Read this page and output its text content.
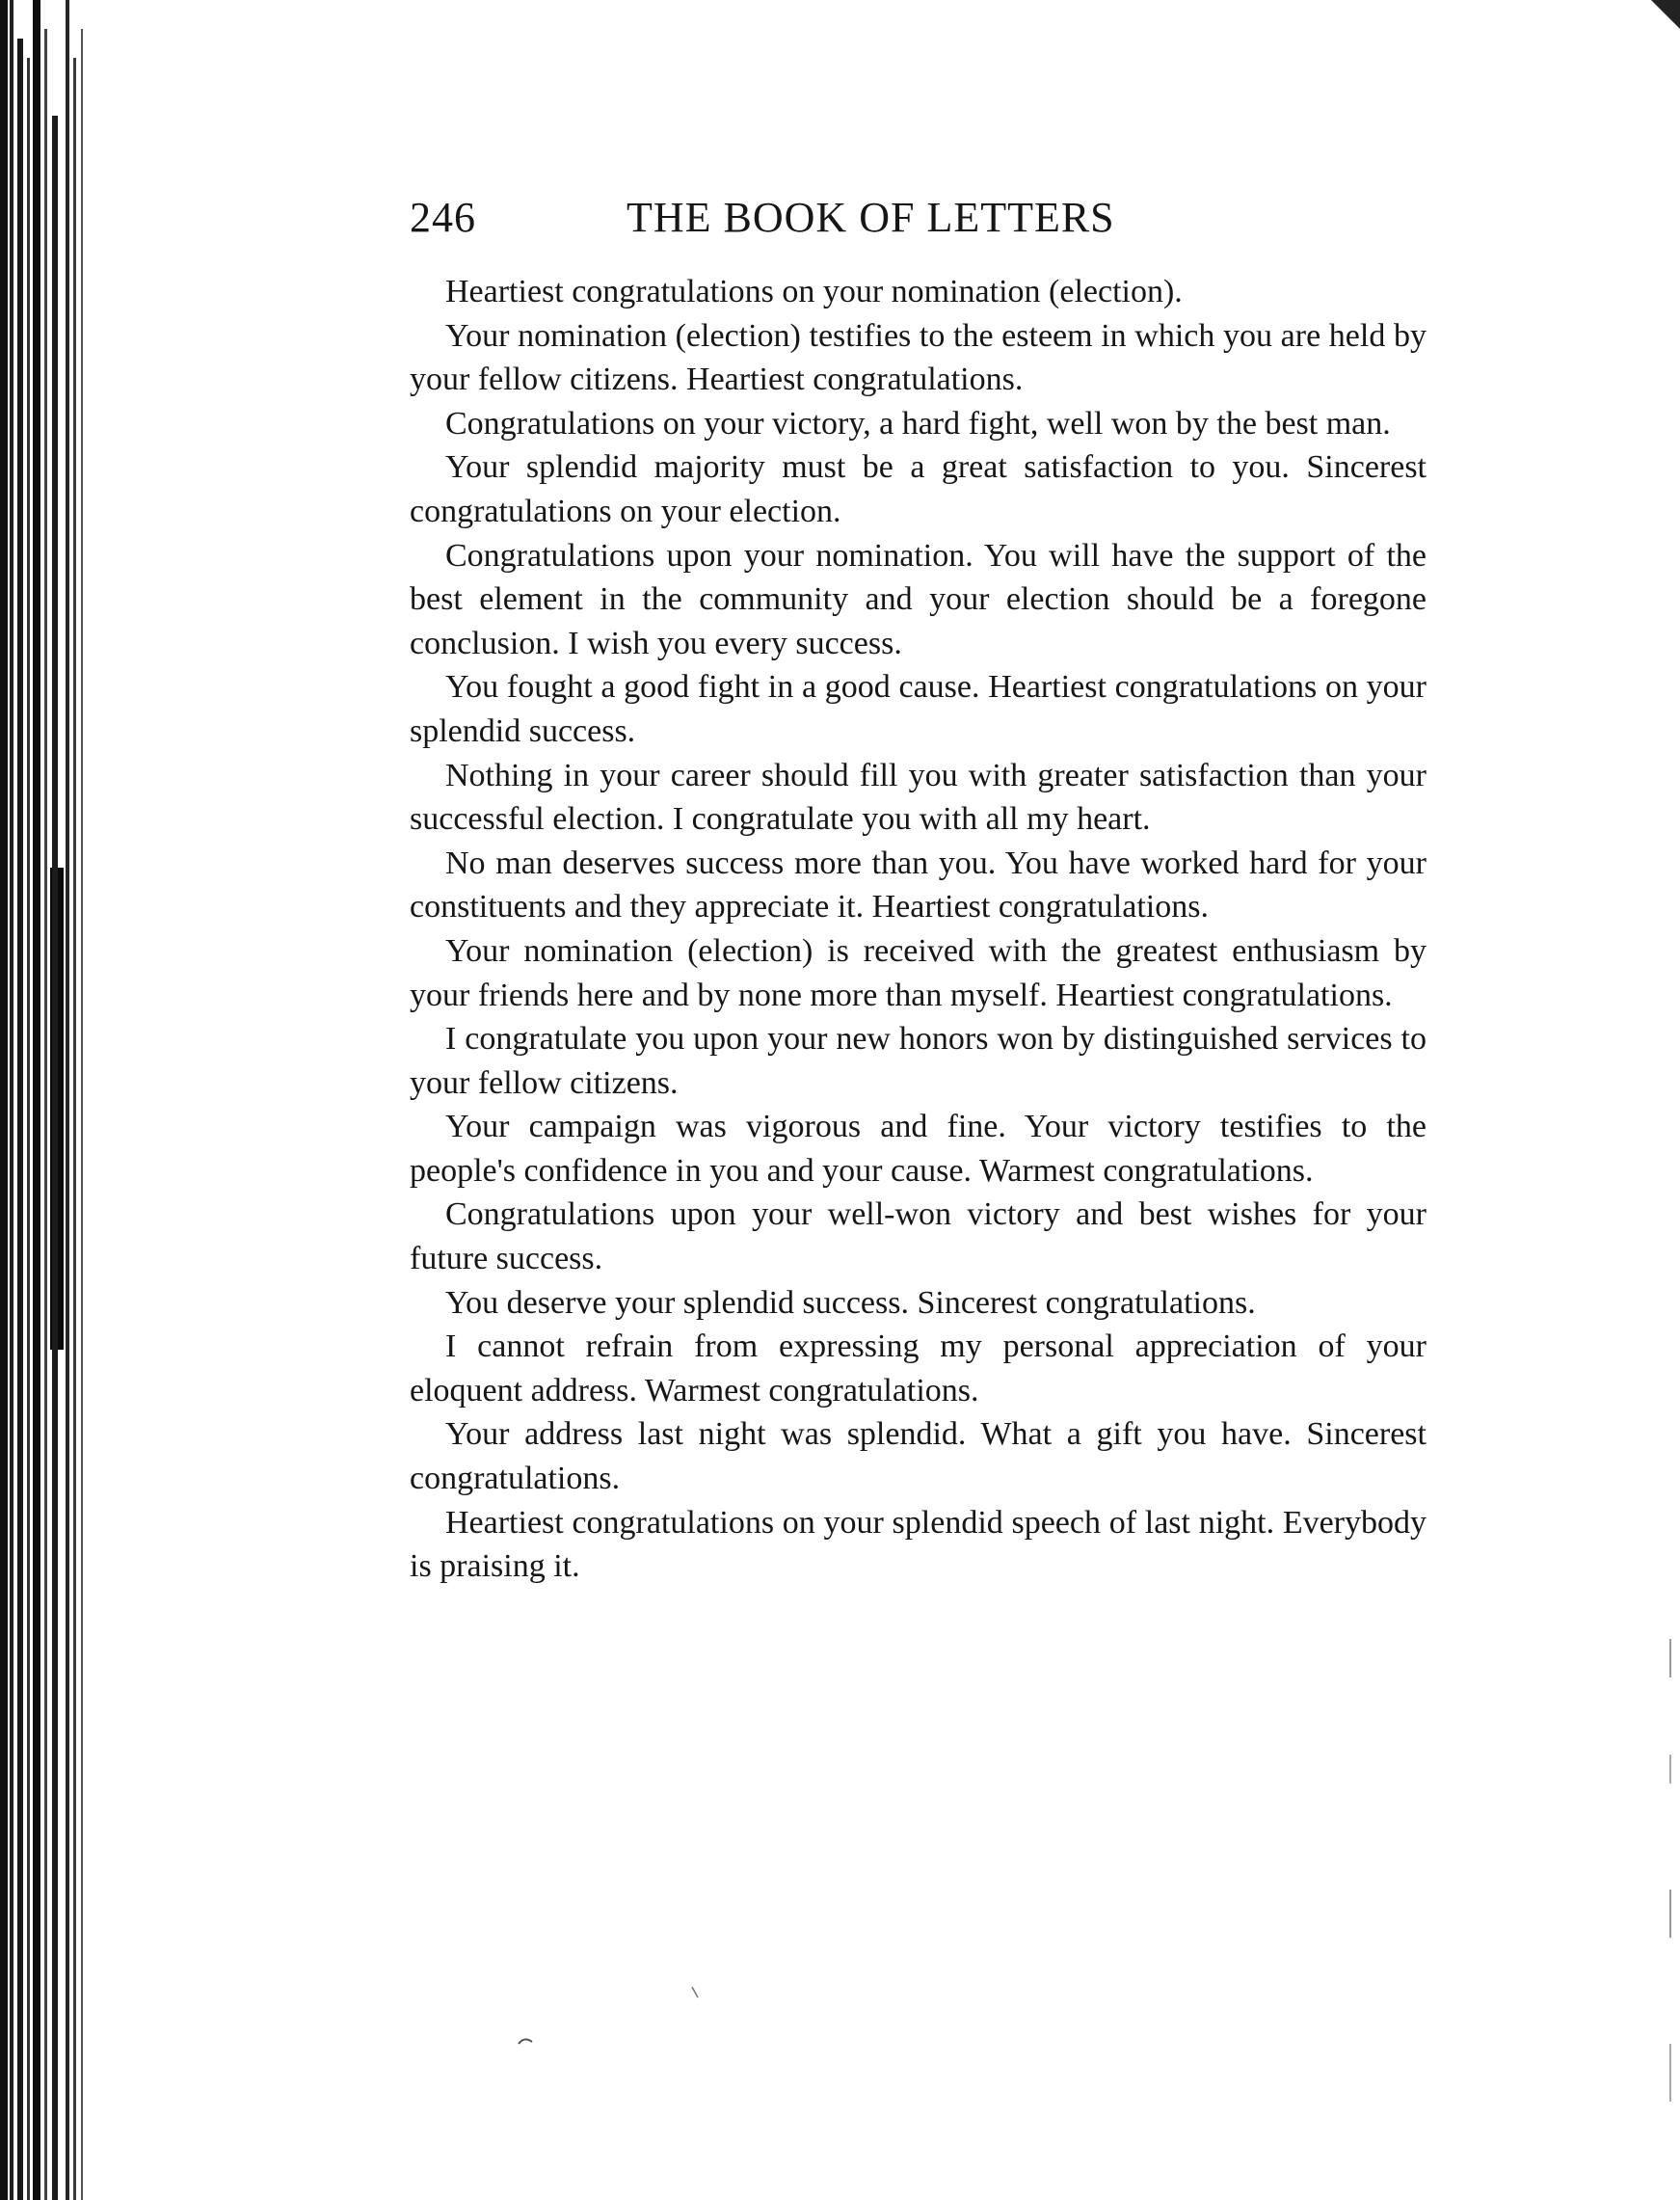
246	THE BOOK OF LETTERS

Heartiest congratulations on your nomination (election).

Your nomination (election) testifies to the esteem in which you are held by your fellow citizens. Heartiest congratulations.

Congratulations on your victory, a hard fight, well won by the best man.

Your splendid majority must be a great satisfaction to you. Sincerest congratulations on your election.

Congratulations upon your nomination. You will have the support of the best element in the community and your election should be a foregone conclusion. I wish you every success.

You fought a good fight in a good cause. Heartiest congratulations on your splendid success.

Nothing in your career should fill you with greater satisfaction than your successful election. I congratulate you with all my heart.

No man deserves success more than you. You have worked hard for your constituents and they appreciate it. Heartiest congratulations.

Your nomination (election) is received with the greatest enthusiasm by your friends here and by none more than myself. Heartiest congratulations.

I congratulate you upon your new honors won by distinguished services to your fellow citizens.

Your campaign was vigorous and fine. Your victory testifies to the people's confidence in you and your cause. Warmest congratulations.

Congratulations upon your well-won victory and best wishes for your future success.

You deserve your splendid success. Sincerest congratulations.

I cannot refrain from expressing my personal appreciation of your eloquent address. Warmest congratulations.

Your address last night was splendid. What a gift you have. Sincerest congratulations.

Heartiest congratulations on your splendid speech of last night. Everybody is praising it.
